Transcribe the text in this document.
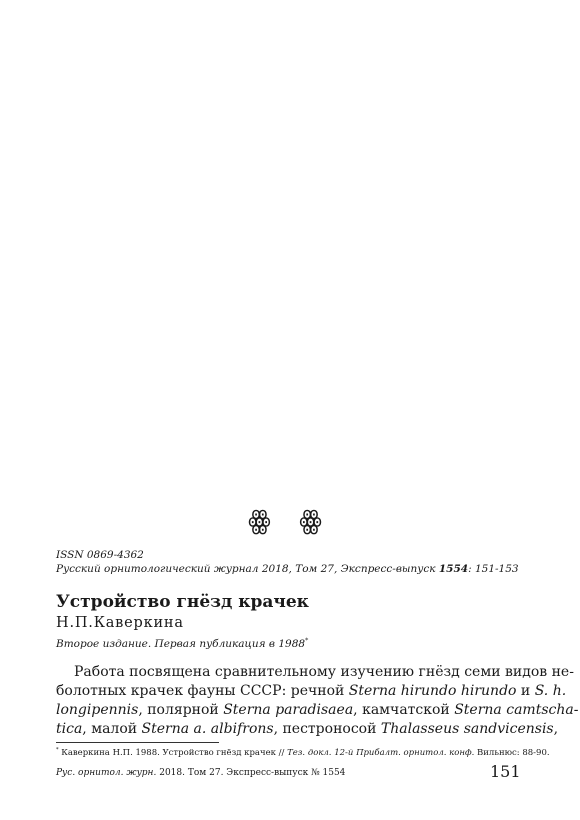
ꙮ ꙮ
ISSN 0869-4362
Русский орнитологический журнал 2018, Том 27, Экспресс-выпуск 1554: 151-153
Устройство гнёзд крачек
Н.П.Каверкина
Второе издание. Первая публикация в 1988*
Работа посвящена сравнительному изучению гнёзд семи видов не-
болотных крачек фауны СССР: речной Sterna hirundo hirundo и S. h.
longipennis, полярной Sterna paradisaea, камчатской Sterna camtscha-
tica, малой Sterna a. albifrons, пестроносой Thalasseus sandvicensis,
* Каверкина Н.П. 1988. Устройство гнёзд крачек // Тез. докл. 12-й Прибалт. орнитол. конф. Вильнюс: 88-90.
Рус. орнитол. журн. 2018. Том 27. Экспресс-выпуск № 1554	151
